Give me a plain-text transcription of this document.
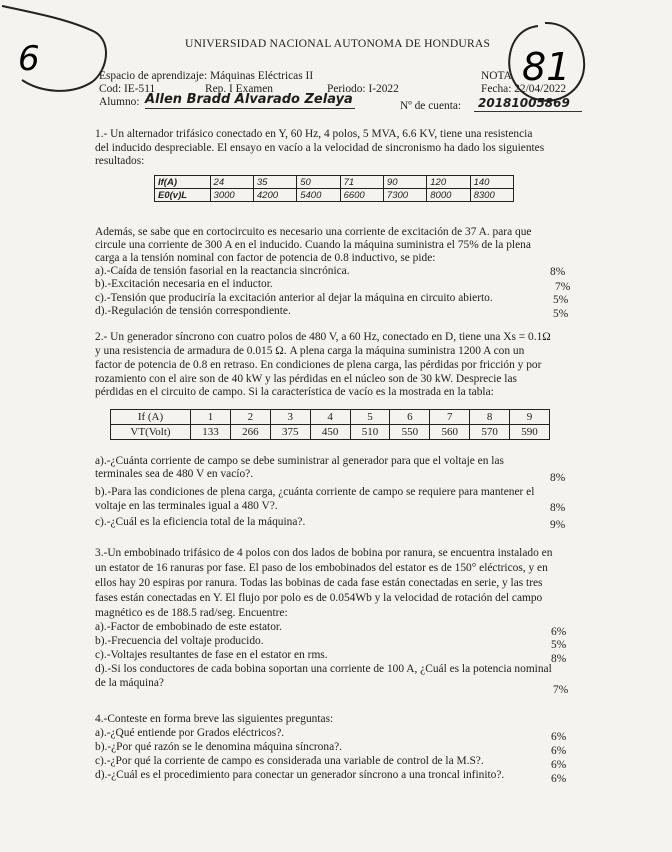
6	81
UNIVERSIDAD NACIONAL AUTONOMA DE HONDURAS
Espacio de aprendizaje: Máquinas Eléctricas II	NOTA
Cod: IE-511	Rep. I Examen	Periodo: I-2022	Fecha: 22/04/2022
Alumno: Allen Bradd Alvarado Zelaya	Nº de cuenta: 20181005869
1.- Un alternador trifásico conectado en Y, 60 Hz, 4 polos, 5 MVA, 6.6 KV, tiene una resistencia
del inducido despreciable. El ensayo en vacío a la velocidad de sincronismo ha dado los siguientes
resultados:
If(A)	24	35	50	71	90	120	140
E0(v)L	3000	4200	5400	6600	7300	8000	8300
Además, se sabe que en cortocircuito es necesario una corriente de excitación de 37 A. para que
circule una corriente de 300 A en el inducido. Cuando la máquina suministra el 75% de la plena
carga a la tensión nominal con factor de potencia de 0.8 inductivo, se pide:
a).-Caída de tensión fasorial en la reactancia sincrónica.	8%
b).-Excitación necesaria en el inductor.	7%
c).-Tensión que produciría la excitación anterior al dejar la máquina en circuito abierto.	5%
d).-Regulación de tensión correspondiente.	5%
2.- Un generador síncrono con cuatro polos de 480 V, a 60 Hz, conectado en D, tiene una Xs = 0.1Ω
y una resistencia de armadura de 0.015 Ω. A plena carga la máquina suministra 1200 A con un
factor de potencia de 0.8 en retraso. En condiciones de plena carga, las pérdidas por fricción y por
rozamiento con el aire son de 40 kW y las pérdidas en el núcleo son de 30 kW. Desprecie las
pérdidas en el circuito de campo. Si la característica de vacío es la mostrada en la tabla:
If (A)	1	2	3	4	5	6	7	8	9
VT(Volt)	133	266	375	450	510	550	560	570	590
a).-¿Cuánta corriente de campo se debe suministrar al generador para que el voltaje en las
terminales sea de 480 V en vacío?.	8%
b).-Para las condiciones de plena carga, ¿cuánta corriente de campo se requiere para mantener el
voltaje en las terminales igual a 480 V?.	8%
c).-¿Cuál es la eficiencia total de la máquina?.	9%
3.-Un embobinado trifásico de 4 polos con dos lados de bobina por ranura, se encuentra instalado en
un estator de 16 ranuras por fase. El paso de los embobinados del estator es de 150° eléctricos, y en
ellos hay 20 espiras por ranura. Todas las bobinas de cada fase están conectadas en serie, y las tres
fases están conectadas en Y. El flujo por polo es de 0.054Wb y la velocidad de rotación del campo
magnético es de 188.5 rad/seg. Encuentre:
a).-Factor de embobinado de este estator.	6%
b).-Frecuencia del voltaje producido.	5%
c).-Voltajes resultantes de fase en el estator en rms.	8%
d).-Si los conductores de cada bobina soportan una corriente de 100 A, ¿Cuál es la potencia nominal
de la máquina?
7%
4.-Conteste en forma breve las siguientes preguntas:
a).-¿Qué entiende por Grados eléctricos?.	6%
b).-¿Por qué razón se le denomina máquina síncrona?.	6%
c).-¿Por qué la corriente de campo es considerada una variable de control de la M.S?.	6%
d).-¿Cuál es el procedimiento para conectar un generador síncrono a una troncal infinito?.	6%
